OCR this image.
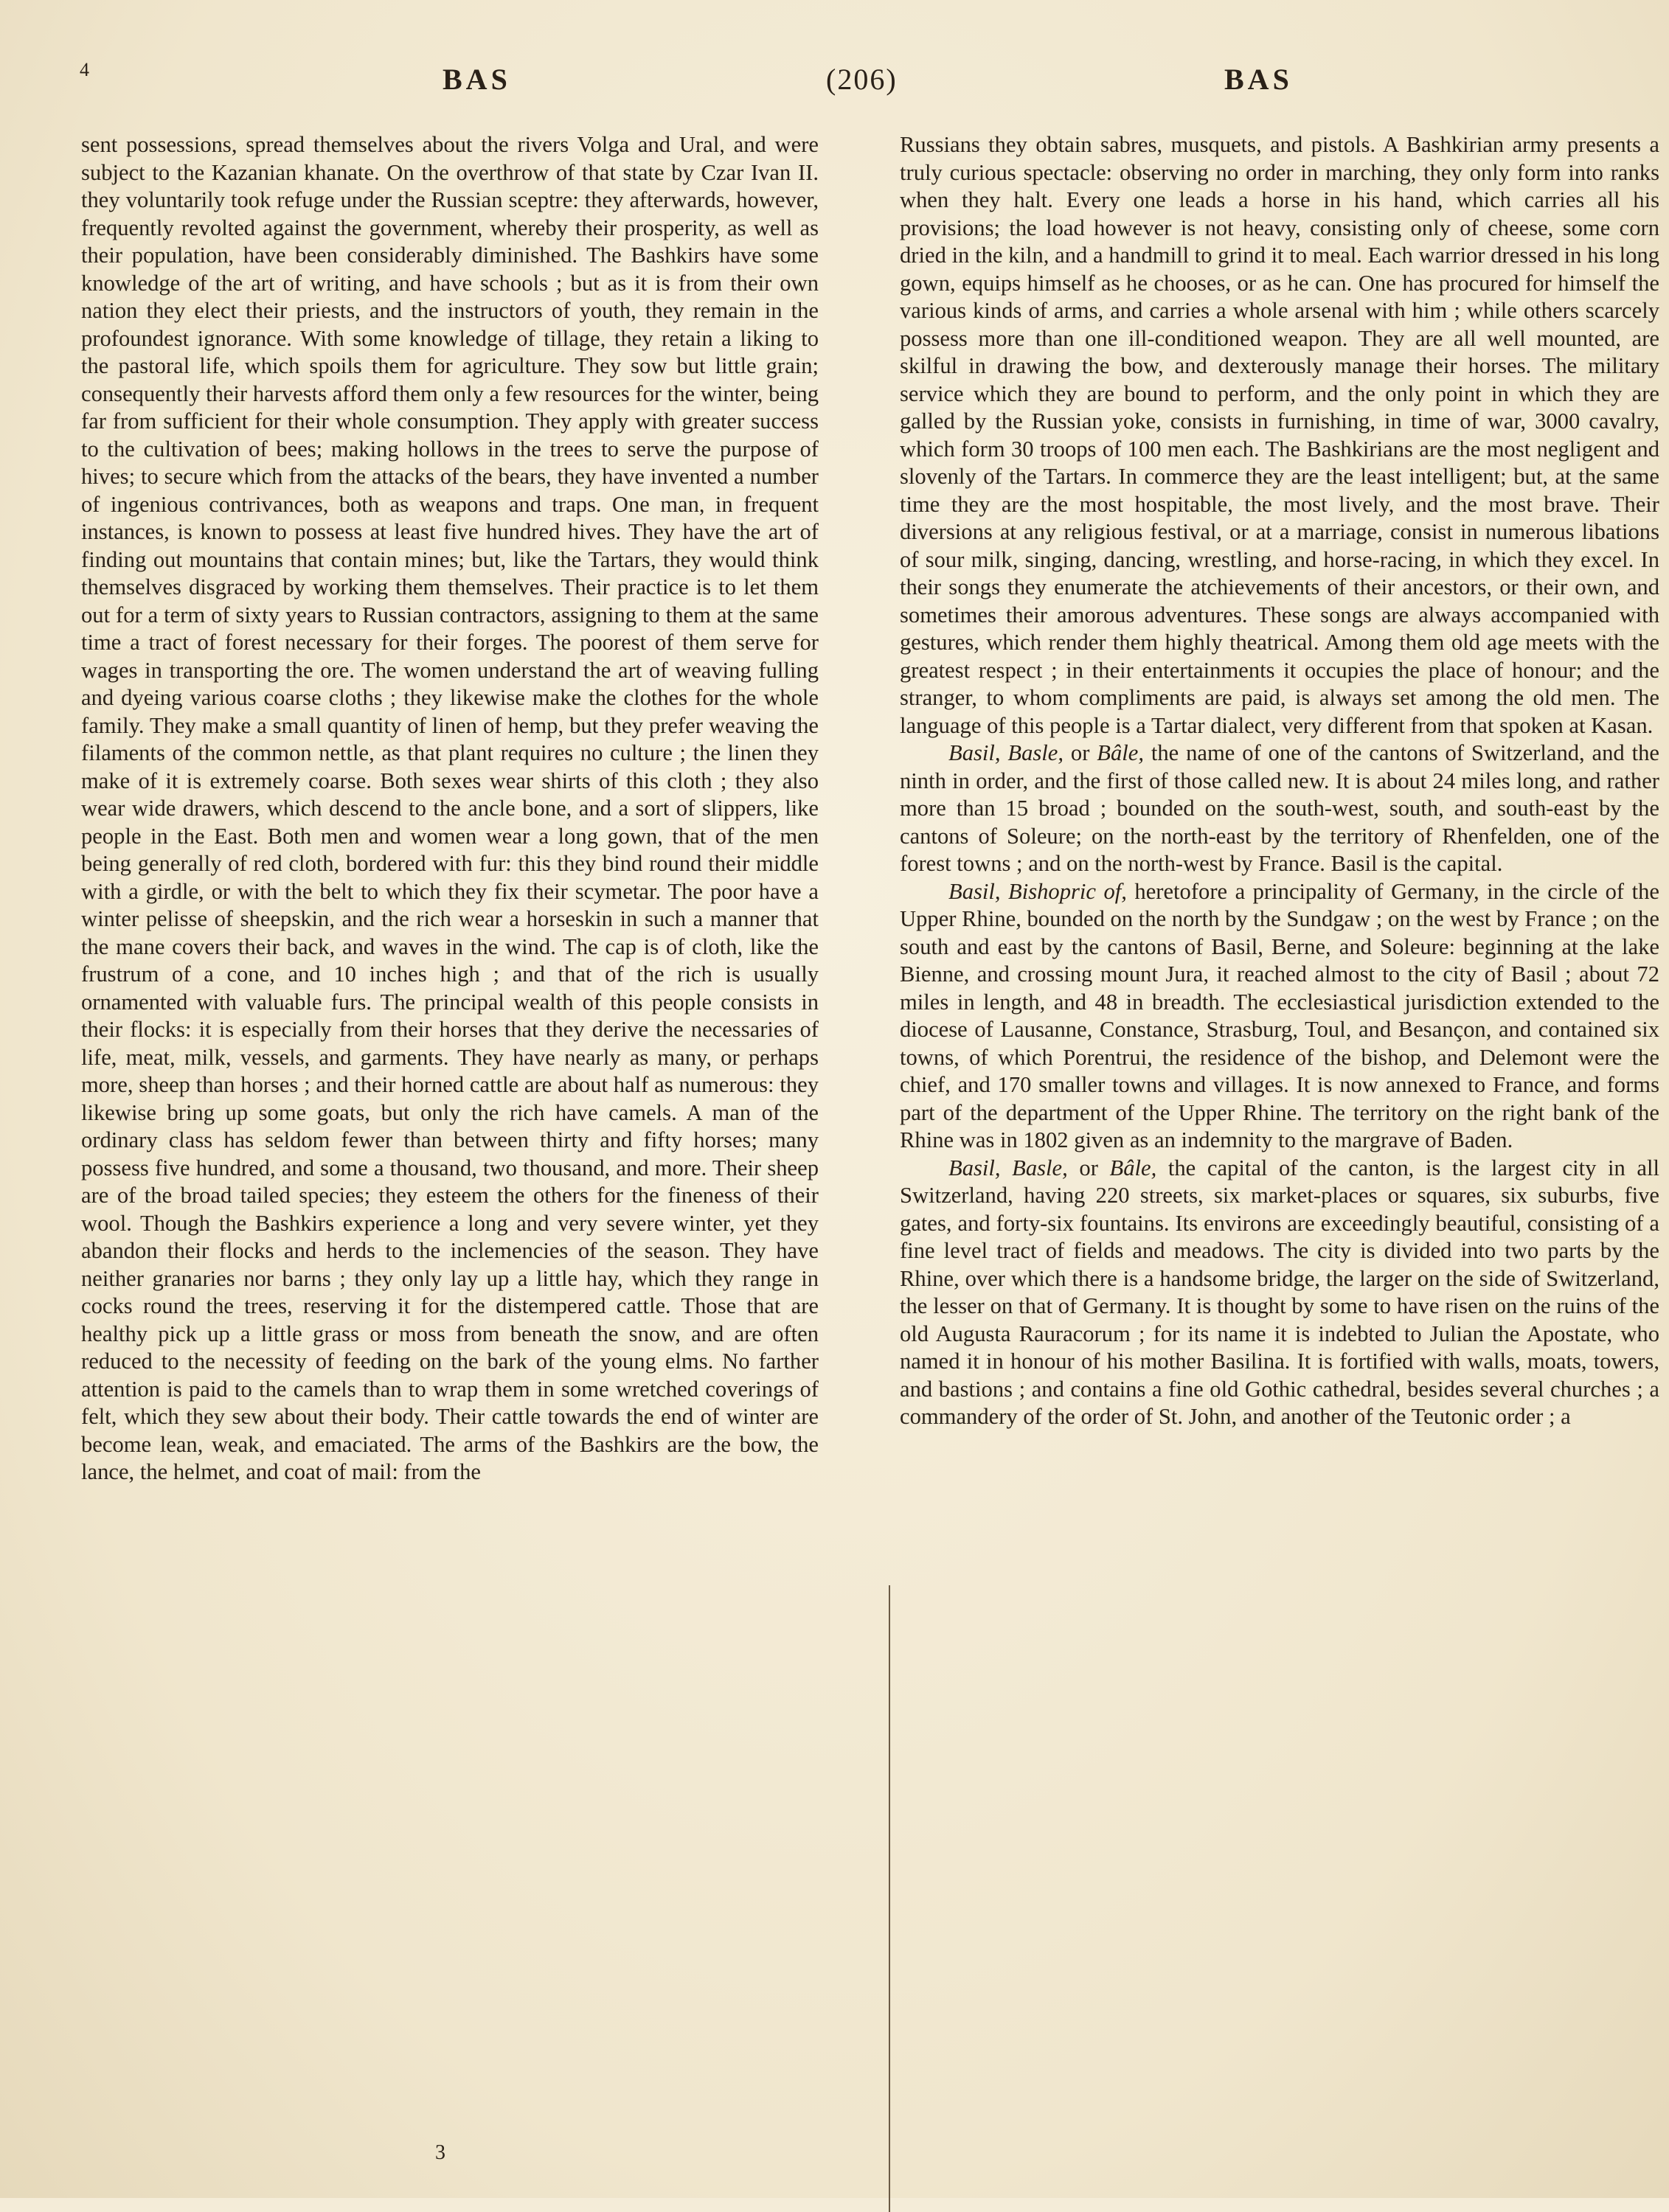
4	BAS	(206)	BAS

sent possessions, spread themselves about the rivers Volga and Ural, and were subject to the Kazanian khanate. On the overthrow of that state by Czar Ivan II. they voluntarily took refuge under the Russian sceptre: they afterwards, however, frequently revolted against the government, whereby their prosperity, as well as their population, have been considerably diminished. The Bashkirs have some knowledge of the art of writing, and have schools ; but as it is from their own nation they elect their priests, and the instructors of youth, they remain in the profoundest ignorance. With some knowledge of tillage, they retain a liking to the pastoral life, which spoils them for agriculture. They sow but little grain; consequently their harvests afford them only a few resources for the winter, being far from sufficient for their whole consumption. They apply with greater success to the cultivation of bees; making hollows in the trees to serve the purpose of hives; to secure which from the attacks of the bears, they have invented a number of ingenious contrivances, both as weapons and traps. One man, in frequent instances, is known to possess at least five hundred hives. They have the art of finding out mountains that contain mines; but, like the Tartars, they would think themselves disgraced by working them themselves. Their practice is to let them out for a term of sixty years to Russian contractors, assigning to them at the same time a tract of forest necessary for their forges. The poorest of them serve for wages in transporting the ore. The women understand the art of weaving fulling and dyeing various coarse cloths ; they likewise make the clothes for the whole family. They make a small quantity of linen of hemp, but they prefer weaving the filaments of the common nettle, as that plant requires no culture ; the linen they make of it is extremely coarse. Both sexes wear shirts of this cloth ; they also wear wide drawers, which descend to the ancle bone, and a sort of slippers, like people in the East. Both men and women wear a long gown, that of the men being generally of red cloth, bordered with fur: this they bind round their middle with a girdle, or with the belt to which they fix their scymetar. The poor have a winter pelisse of sheepskin, and the rich wear a horseskin in such a manner that the mane covers their back, and waves in the wind. The cap is of cloth, like the frustrum of a cone, and 10 inches high ; and that of the rich is usually ornamented with valuable furs. The principal wealth of this people consists in their flocks: it is especially from their horses that they derive the necessaries of life, meat, milk, vessels, and garments. They have nearly as many, or perhaps more, sheep than horses ; and their horned cattle are about half as numerous: they likewise bring up some goats, but only the rich have camels. A man of the ordinary class has seldom fewer than between thirty and fifty horses; many possess five hundred, and some a thousand, two thousand, and more. Their sheep are of the broad tailed species; they esteem the others for the fineness of their wool. Though the Bashkirs experience a long and very severe winter, yet they abandon their flocks and herds to the inclemencies of the season. They have neither granaries nor barns ; they only lay up a little hay, which they range in cocks round the trees, reserving it for the distempered cattle. Those that are healthy pick up a little grass or moss from beneath the snow, and are often reduced to the necessity of feeding on the bark of the young elms. No farther attention is paid to the camels than to wrap them in some wretched coverings of felt, which they sew about their body. Their cattle towards the end of winter are become lean, weak, and emaciated. The arms of the Bashkirs are the bow, the lance, the helmet, and coat of mail: from the

Russians they obtain sabres, musquets, and pistols. A Bashkirian army presents a truly curious spectacle: observing no order in marching, they only form into ranks when they halt. Every one leads a horse in his hand, which carries all his provisions; the load however is not heavy, consisting only of cheese, some corn dried in the kiln, and a handmill to grind it to meal. Each warrior dressed in his long gown, equips himself as he chooses, or as he can. One has procured for himself the various kinds of arms, and carries a whole arsenal with him ; while others scarcely possess more than one ill-conditioned weapon. They are all well mounted, are skilful in drawing the bow, and dexterously manage their horses. The military service which they are bound to perform, and the only point in which they are galled by the Russian yoke, consists in furnishing, in time of war, 3000 cavalry, which form 30 troops of 100 men each. The Bashkirians are the most negligent and slovenly of the Tartars. In commerce they are the least intelligent; but, at the same time they are the most hospitable, the most lively, and the most brave. Their diversions at any religious festival, or at a marriage, consist in numerous libations of sour milk, singing, dancing, wrestling, and horse-racing, in which they excel. In their songs they enumerate the atchievements of their ancestors, or their own, and sometimes their amorous adventures. These songs are always accompanied with gestures, which render them highly theatrical. Among them old age meets with the greatest respect ; in their entertainments it occupies the place of honour; and the stranger, to whom compliments are paid, is always set among the old men. The language of this people is a Tartar dialect, very different from that spoken at Kasan.

Basil, Basle, or Bâle, the name of one of the cantons of Switzerland, and the ninth in order, and the first of those called new. It is about 24 miles long, and rather more than 15 broad ; bounded on the south-west, south, and south-east by the cantons of Soleure; on the north-east by the territory of Rhenfelden, one of the forest towns ; and on the north-west by France. Basil is the capital.

Basil, Bishopric of, heretofore a principality of Germany, in the circle of the Upper Rhine, bounded on the north by the Sundgaw ; on the west by France ; on the south and east by the cantons of Basil, Berne, and Soleure: beginning at the lake Bienne, and crossing mount Jura, it reached almost to the city of Basil ; about 72 miles in length, and 48 in breadth. The ecclesiastical jurisdiction extended to the diocese of Lausanne, Constance, Strasburg, Toul, and Besançon, and contained six towns, of which Porentrui, the residence of the bishop, and Delemont were the chief, and 170 smaller towns and villages. It is now annexed to France, and forms part of the department of the Upper Rhine. The territory on the right bank of the Rhine was in 1802 given as an indemnity to the margrave of Baden.

Basil, Basle, or Bâle, the capital of the canton, is the largest city in all Switzerland, having 220 streets, six market-places or squares, six suburbs, five gates, and forty-six fountains. Its environs are exceedingly beautiful, consisting of a fine level tract of fields and meadows. The city is divided into two parts by the Rhine, over which there is a handsome bridge, the larger on the side of Switzerland, the lesser on that of Germany. It is thought by some to have risen on the ruins of the old Augusta Rauracorum ; for its name it is indebted to Julian the Apostate, who named it in honour of his mother Basilina. It is fortified with walls, moats, towers, and bastions ; and contains a fine old Gothic cathedral, besides several churches ; a commandery of the order of St. John, and another of the Teutonic order ; a

3
